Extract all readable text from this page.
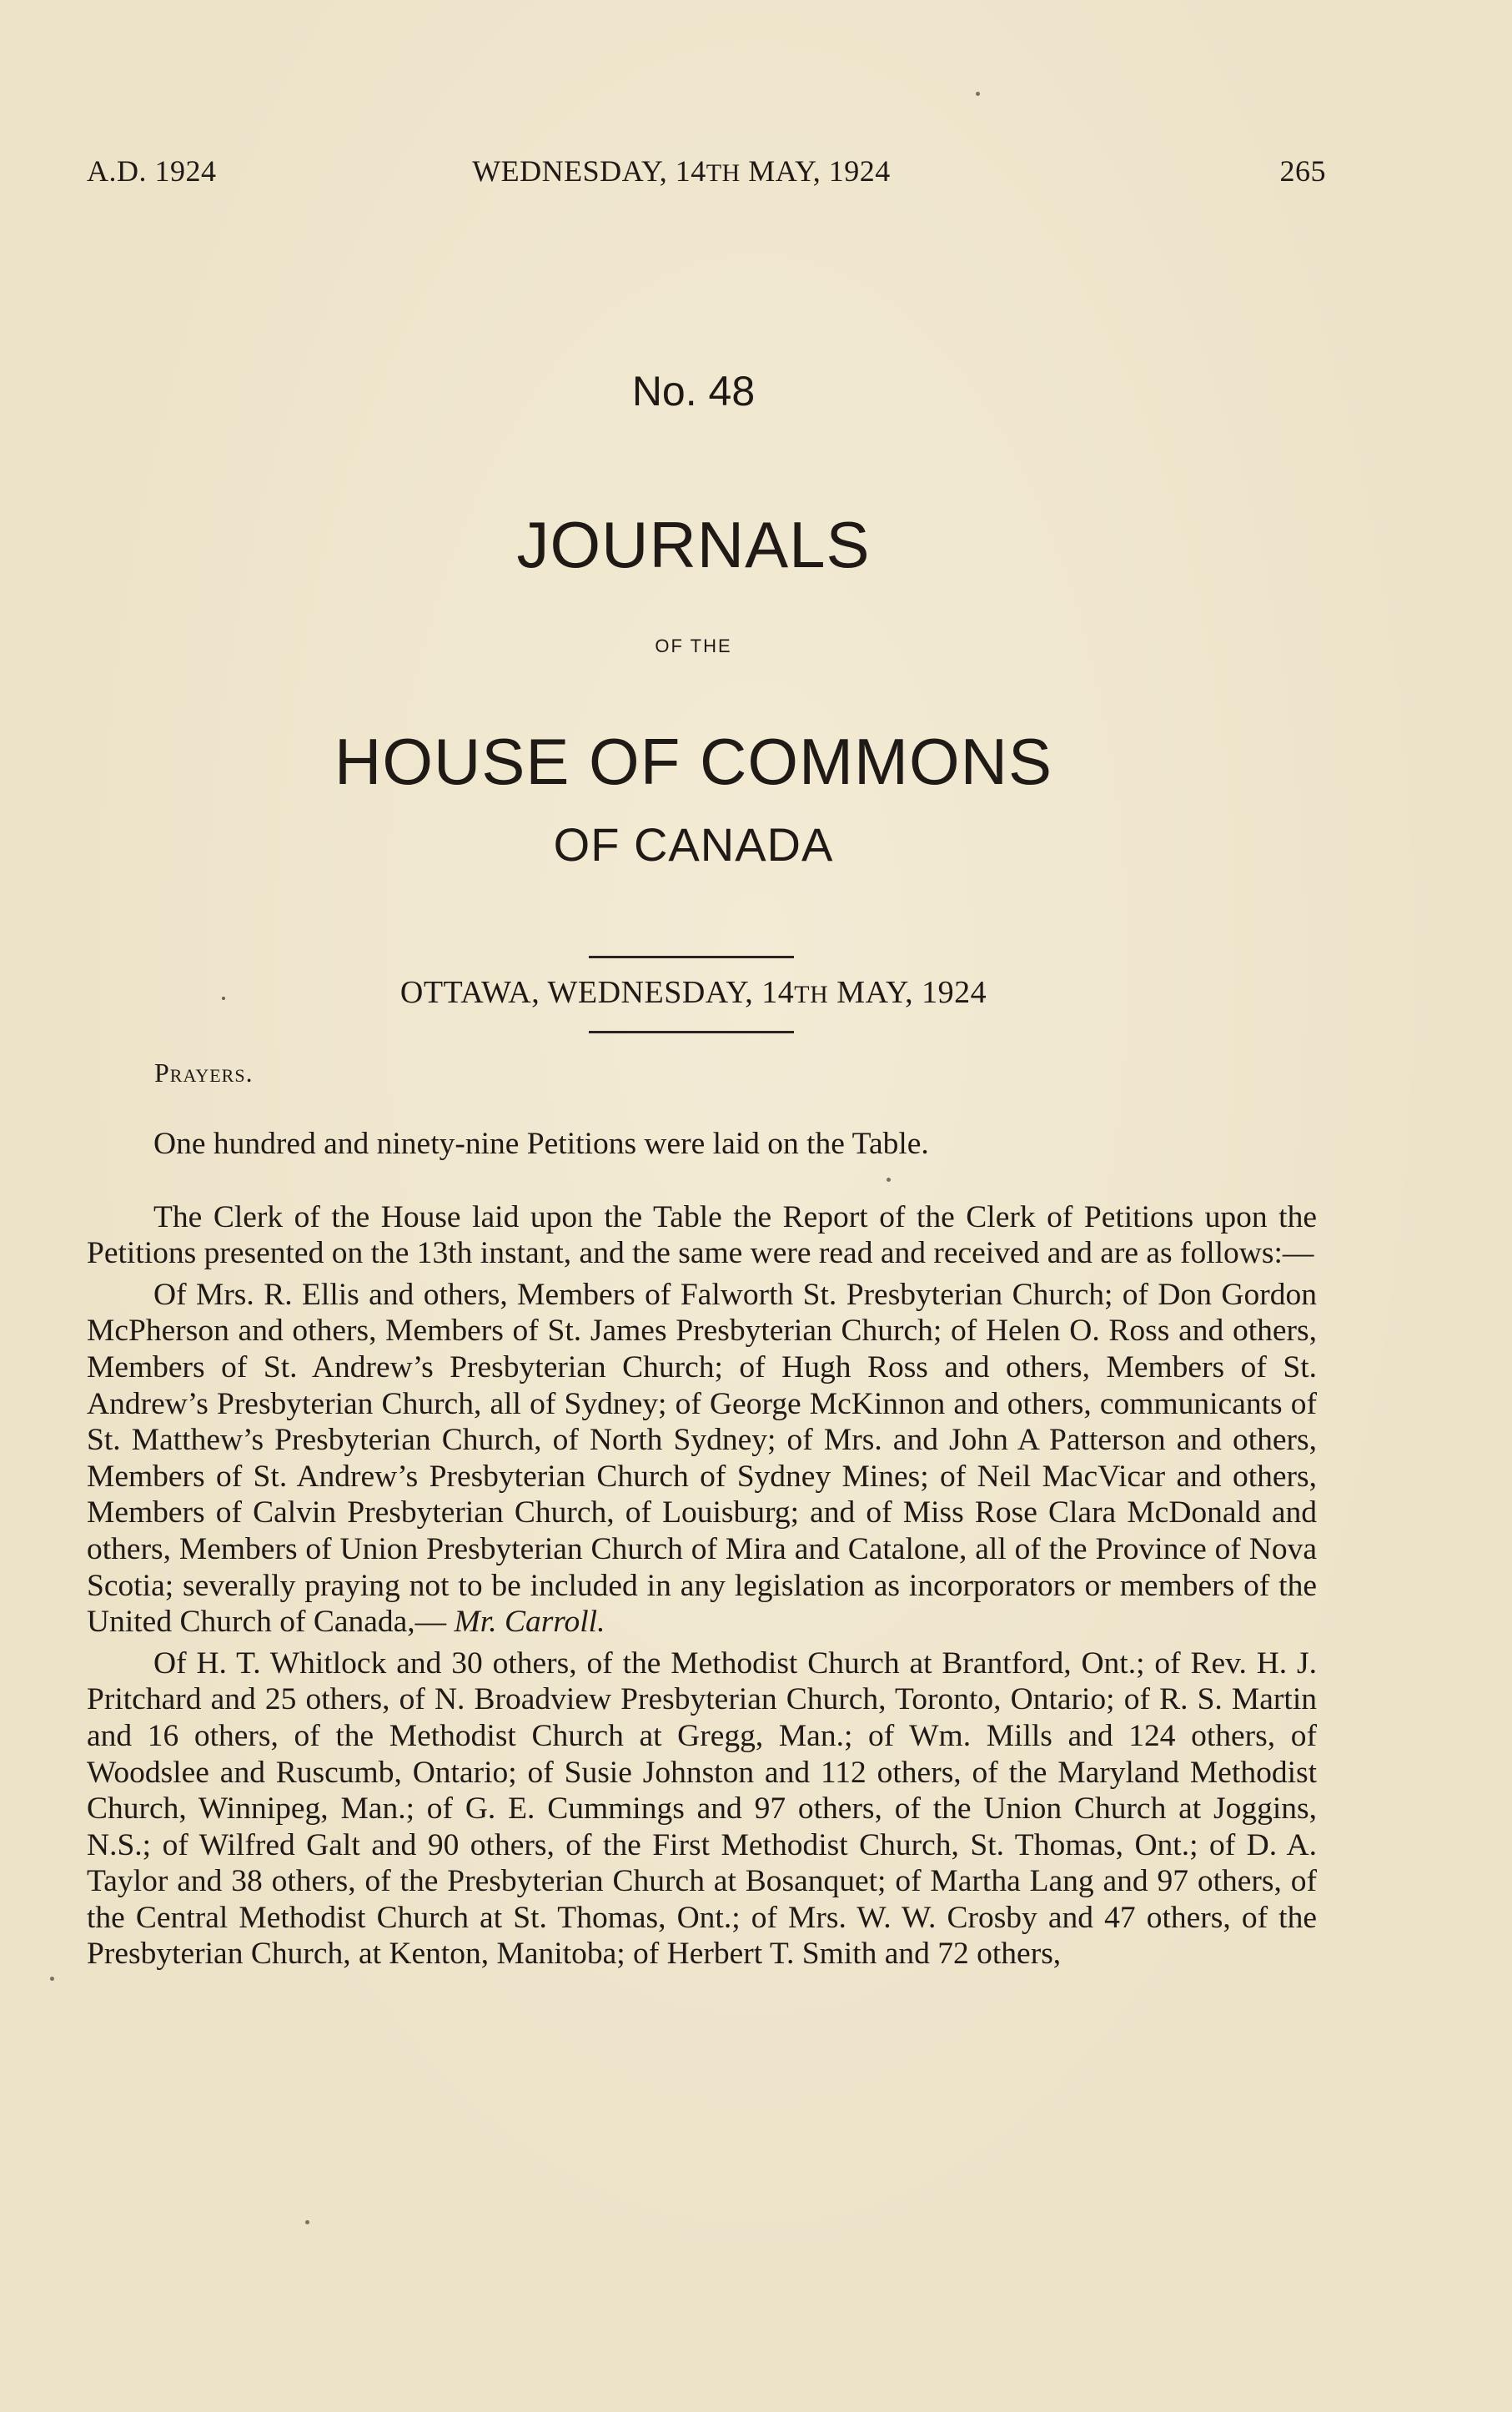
A.D. 1924	WEDNESDAY, 14TH MAY, 1924	265
No. 48
JOURNALS
OF THE
HOUSE OF COMMONS
OF CANADA
OTTAWA, WEDNESDAY, 14TH MAY, 1924
Prayers.

One hundred and ninety-nine Petitions were laid on the Table.

The Clerk of the House laid upon the Table the Report of the Clerk of Petitions upon the Petitions presented on the 13th instant, and the same were read and received and are as follows:—

Of Mrs. R. Ellis and others, Members of Falworth St. Presbyterian Church; of Don Gordon McPherson and others, Members of St. James Presbyterian Church; of Helen O. Ross and others, Members of St. Andrew’s Presbyterian Church; of Hugh Ross and others, Members of St. Andrew’s Presbyterian Church, all of Sydney; of George McKinnon and others, communicants of St. Matthew’s Presbyterian Church, of North Sydney; of Mrs. and John A Patterson and others, Members of St. Andrew’s Presbyterian Church of Sydney Mines; of Neil MacVicar and others, Members of Calvin Presbyterian Church, of Louisburg; and of Miss Rose Clara McDonald and others, Members of Union Presbyterian Church of Mira and Catalone, all of the Province of Nova Scotia; severally praying not to be included in any legislation as incorporators or members of the United Church of Canada,— Mr. Carroll.

Of H. T. Whitlock and 30 others, of the Methodist Church at Brantford, Ont.; of Rev. H. J. Pritchard and 25 others, of N. Broadview Presbyterian Church, Toronto, Ontario; of R. S. Martin and 16 others, of the Methodist Church at Gregg, Man.; of Wm. Mills and 124 others, of Woodslee and Ruscumb, Ontario; of Susie Johnston and 112 others, of the Maryland Methodist Church, Winnipeg, Man.; of G. E. Cummings and 97 others, of the Union Church at Joggins, N.S.; of Wilfred Galt and 90 others, of the First Methodist Church, St. Thomas, Ont.; of D. A. Taylor and 38 others, of the Presbyterian Church at Bosanquet; of Martha Lang and 97 others, of the Central Methodist Church at St. Thomas, Ont.; of Mrs. W. W. Crosby and 47 others, of the Presbyterian Church, at Kenton, Manitoba; of Herbert T. Smith and 72 others,
